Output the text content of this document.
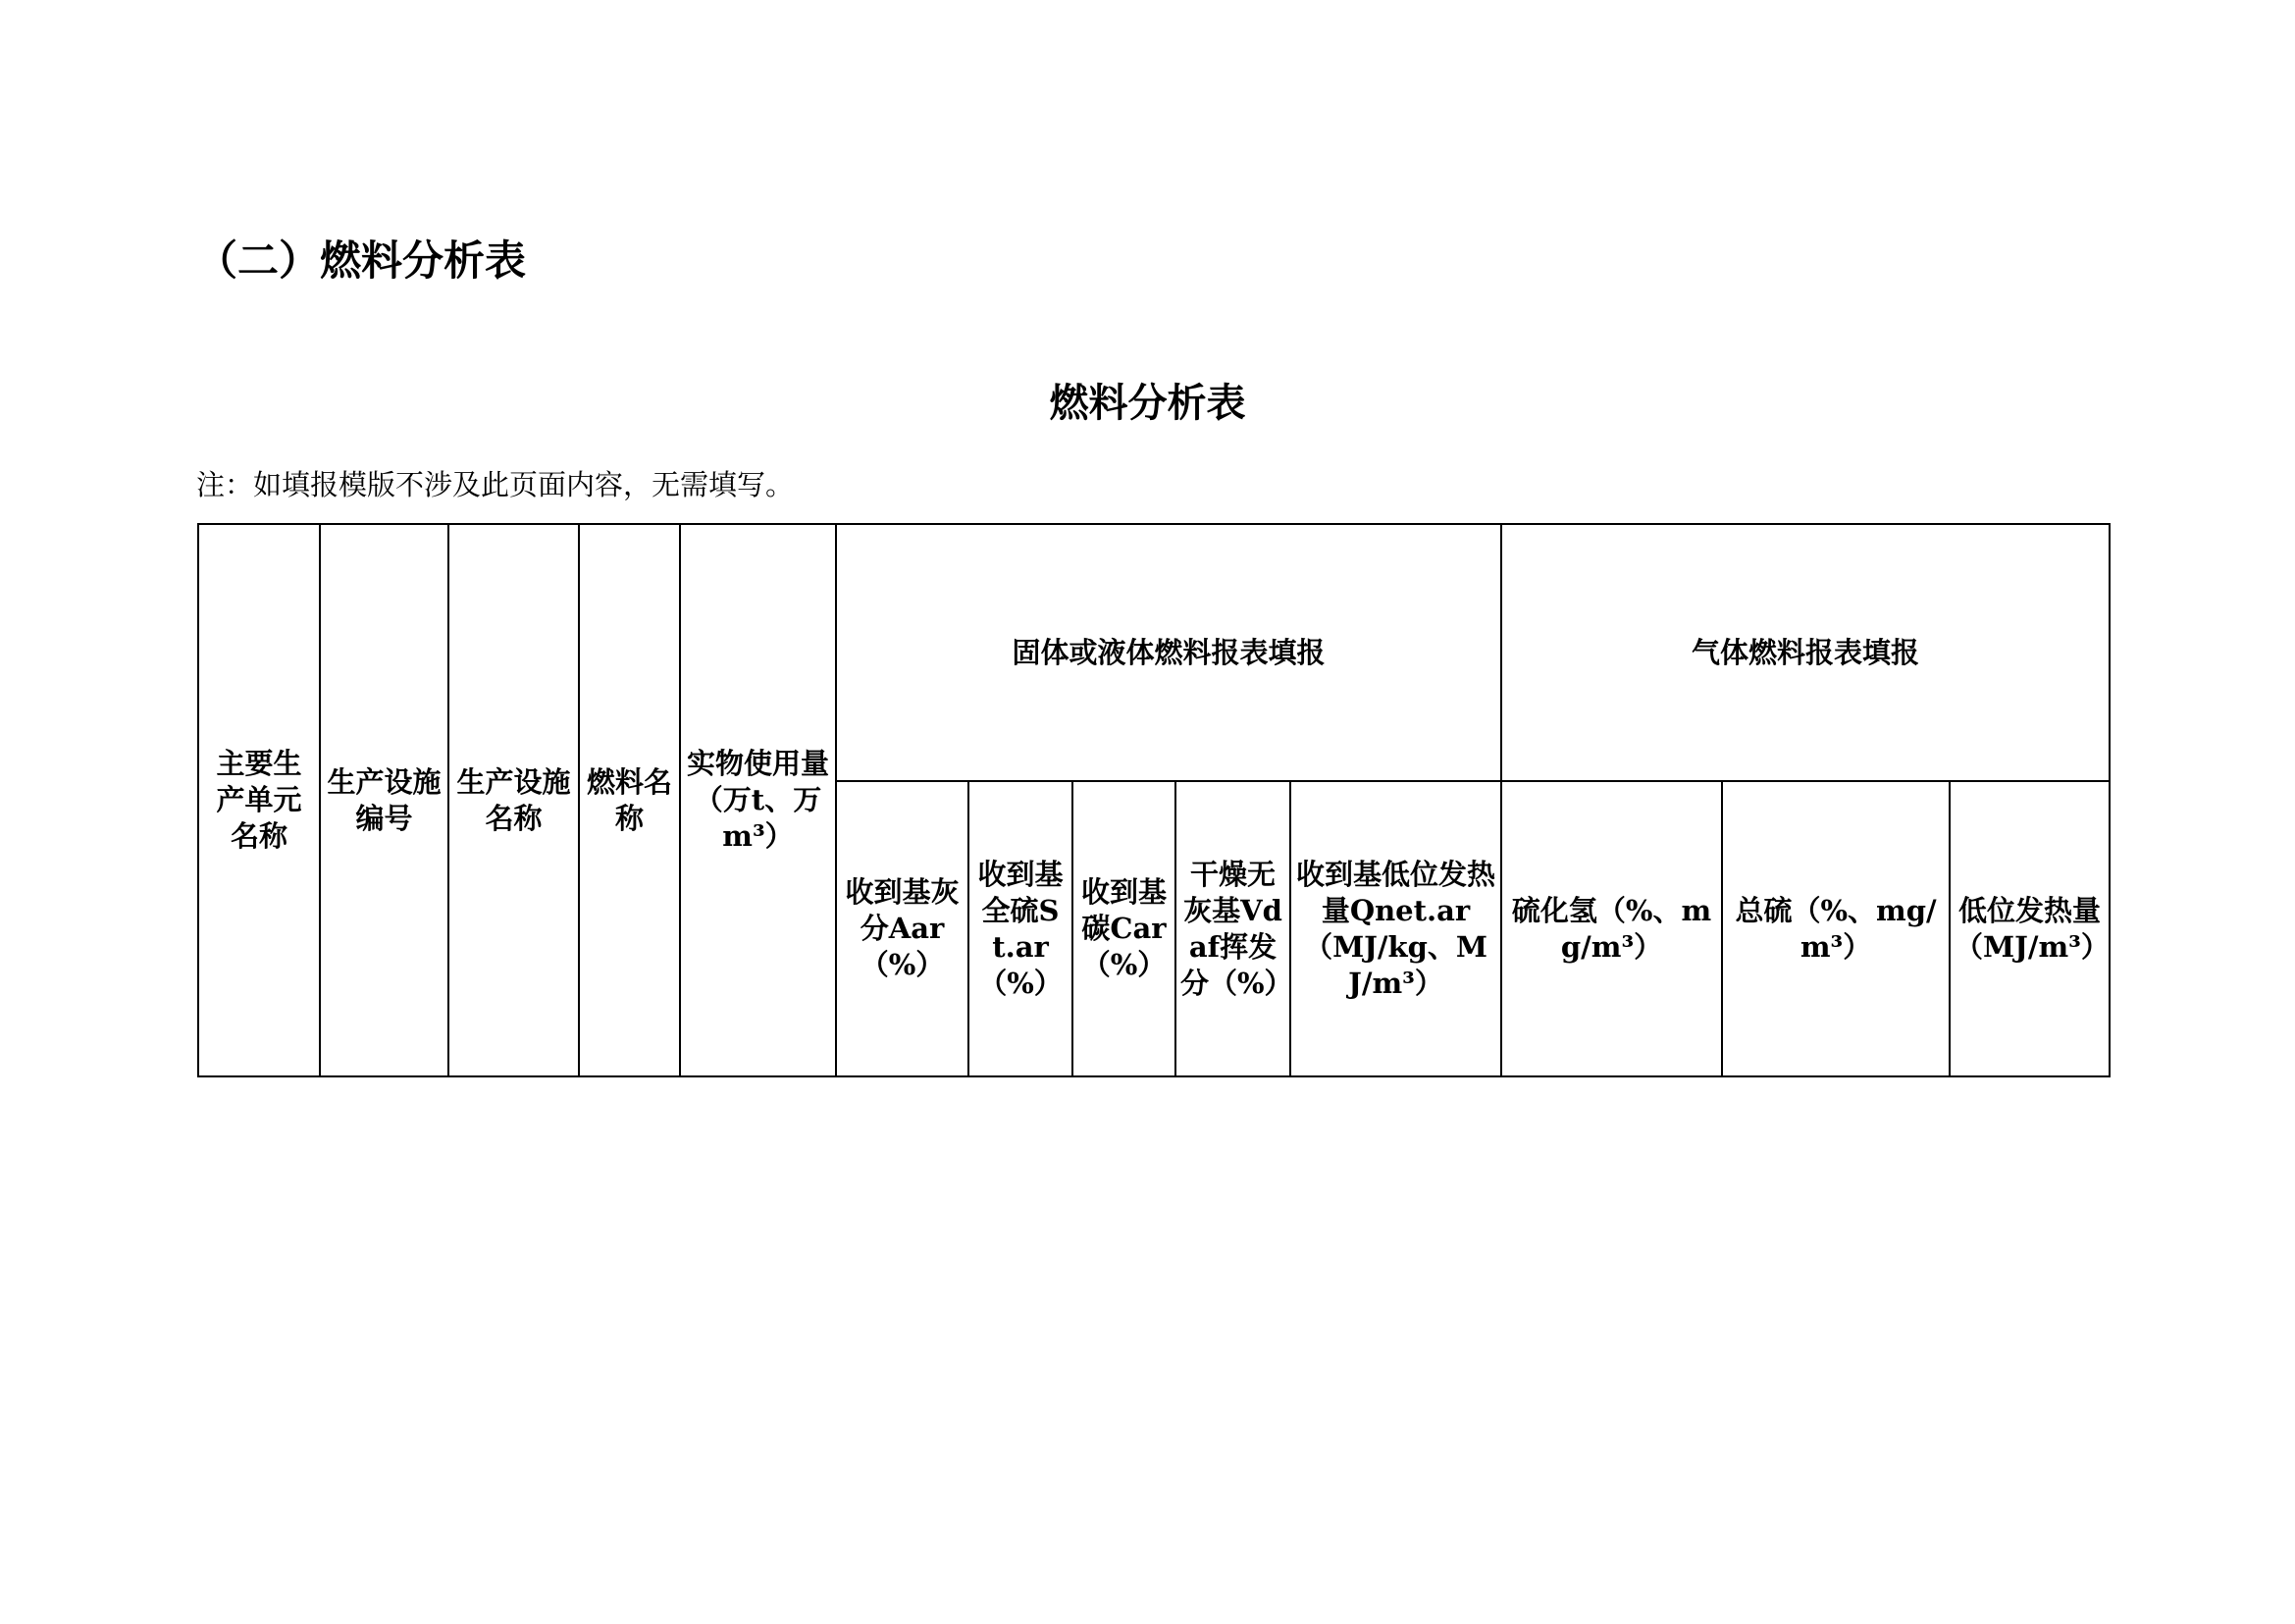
（二）燃料分析表
燃料分析表
注：如填报模版不涉及此页面内容，无需填写。
主要生产单元名称	生产设施编号	生产设施名称	燃料名称	实物使用量（万t、万m³）	固体或液体燃料报表填报					气体燃料报表填报		
					收到基灰分Aar（%）	收到基全硫St.ar（%）	收到基碳Car（%）	干燥无灰基Vdaf挥发分（%）	收到基低位发热量Qnet.ar（MJ/kg、MJ/m³）	硫化氢（%、mg/m³）	总硫（%、mg/m³）	低位发热量（MJ/m³）
